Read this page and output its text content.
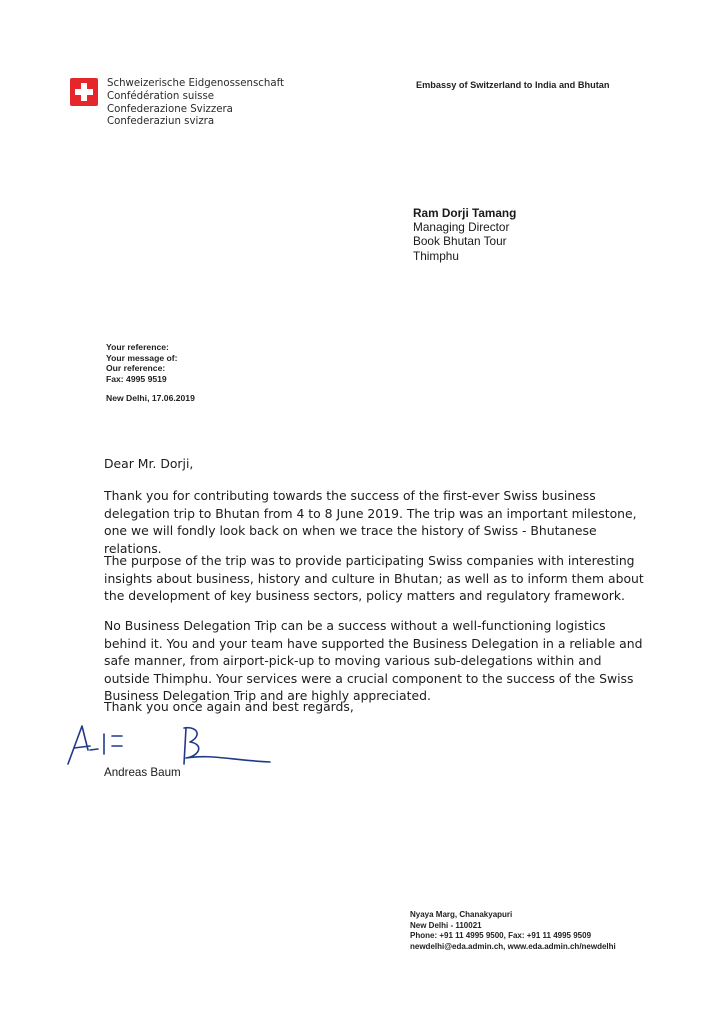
Schweizerische Eidgenossenschaft
Confédération suisse
Confederazione Svizzera
Confederaziun svizra
Embassy of Switzerland to India and Bhutan
Ram Dorji Tamang
Managing Director
Book Bhutan Tour
Thimphu
Your reference:
Your message of:
Our reference:
Fax: 4995 9519
New Delhi, 17.06.2019
Dear Mr. Dorji,
Thank you for contributing towards the success of the first-ever Swiss business delegation trip to Bhutan from 4 to 8 June 2019. The trip was an important milestone, one we will fondly look back on when we trace the history of Swiss - Bhutanese relations.
The purpose of the trip was to provide participating Swiss companies with interesting insights about business, history and culture in Bhutan; as well as to inform them about the development of key business sectors, policy matters and regulatory framework.
No Business Delegation Trip can be a success without a well-functioning logistics behind it. You and your team have supported the Business Delegation in a reliable and safe manner, from airport-pick-up to moving various sub-delegations within and outside Thimphu. Your services were a crucial component to the success of the Swiss Business Delegation Trip and are highly appreciated.
Thank you once again and best regards,
Andreas Baum
Nyaya Marg, Chanakyapuri
New Delhi - 110021
Phone: +91 11 4995 9500, Fax: +91 11 4995 9509
newdelhi@eda.admin.ch, www.eda.admin.ch/newdelhi
